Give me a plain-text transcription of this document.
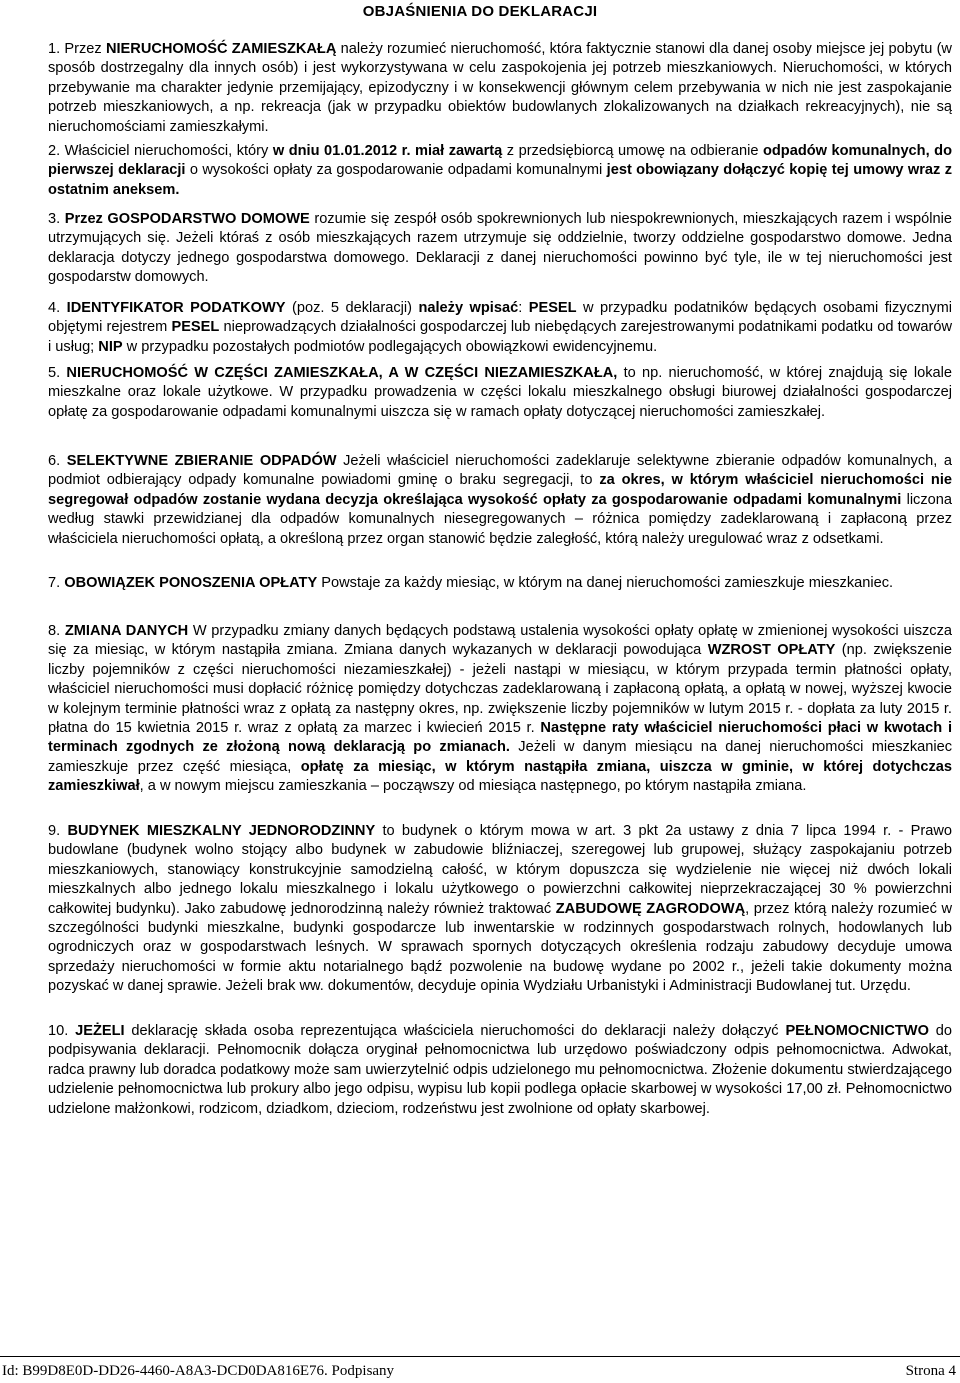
OBJAŚNIENIA DO DEKLARACJI
1. Przez NIERUCHOMOŚĆ ZAMIESZKAŁĄ należy rozumieć nieruchomość, która faktycznie stanowi dla danej osoby miejsce jej pobytu (w sposób dostrzegalny dla innych osób) i jest wykorzystywana w celu zaspokojenia jej potrzeb mieszkaniowych. Nieruchomości, w których przebywanie ma charakter jedynie przemijający, epizodyczny i w konsekwencji głównym celem przebywania w nich nie jest zaspokajanie potrzeb mieszkaniowych, a np. rekreacja (jak w przypadku obiektów budowlanych zlokalizowanych na działkach rekreacyjnych), nie są nieruchomościami zamieszkałymi.
2. Właściciel nieruchomości, który w dniu 01.01.2012 r. miał zawartą z przedsiębiorcą umowę na odbieranie odpadów komunalnych, do pierwszej deklaracji o wysokości opłaty za gospodarowanie odpadami komunalnymi jest obowiązany dołączyć kopię tej umowy wraz z ostatnim aneksem.
3. Przez GOSPODARSTWO DOMOWE rozumie się zespół osób spokrewnionych lub niespokrewnionych, mieszkających razem i wspólnie utrzymujących się. Jeżeli któraś z osób mieszkających razem utrzymuje się oddzielnie, tworzy oddzielne gospodarstwo domowe. Jedna deklaracja dotyczy jednego gospodarstwa domowego. Deklaracji z danej nieruchomości powinno być tyle, ile w tej nieruchomości jest gospodarstw domowych.
4. IDENTYFIKATOR PODATKOWY (poz. 5 deklaracji) należy wpisać: PESEL w przypadku podatników będących osobami fizycznymi objętymi rejestrem PESEL nieprowadzących działalności gospodarczej lub niebędących zarejestrowanymi podatnikami podatku od towarów i usług; NIP w przypadku pozostałych podmiotów podlegających obowiązkowi ewidencyjnemu.
5. NIERUCHOMOŚĆ W CZĘŚCI ZAMIESZKAŁA, A W CZĘŚCI NIEZAMIESZKAŁA, to np. nieruchomość, w której znajdują się lokale mieszkalne oraz lokale użytkowe. W przypadku prowadzenia w części lokalu mieszkalnego obsługi biurowej działalności gospodarczej opłatę za gospodarowanie odpadami komunalnymi uiszcza się w ramach opłaty dotyczącej nieruchomości zamieszkałej.
6. SELEKTYWNE ZBIERANIE ODPADÓW Jeżeli właściciel nieruchomości zadeklaruje selektywne zbieranie odpadów komunalnych, a podmiot odbierający odpady komunalne powiadomi gminę o braku segregacji, to za okres, w którym właściciel nieruchomości nie segregował odpadów zostanie wydana decyzja określająca wysokość opłaty za gospodarowanie odpadami komunalnymi liczona według stawki przewidzianej dla odpadów komunalnych niesegregowanych – różnica pomiędzy zadeklarowaną i zapłaconą przez właściciela nieruchomości opłatą, a określoną przez organ stanowić będzie zaległość, którą należy uregulować wraz z odsetkami.
7. OBOWIĄZEK PONOSZENIA OPŁATY Powstaje za każdy miesiąc, w którym na danej nieruchomości zamieszkuje mieszkaniec.
8. ZMIANA DANYCH W przypadku zmiany danych będących podstawą ustalenia wysokości opłaty opłatę w zmienionej wysokości uiszcza się za miesiąc, w którym nastąpiła zmiana. Zmiana danych wykazanych w deklaracji powodująca WZROST OPŁATY (np. zwiększenie liczby pojemników z części nieruchomości niezamieszkałej) - jeżeli nastąpi w miesiącu, w którym przypada termin płatności opłaty, właściciel nieruchomości musi dopłacić różnicę pomiędzy dotychczas zadeklarowaną i zapłaconą opłatą, a opłatą w nowej, wyższej kwocie w kolejnym terminie płatności wraz z opłatą za następny okres, np. zwiększenie liczby pojemników w lutym 2015 r. - dopłata za luty 2015 r. płatna do 15 kwietnia 2015 r. wraz z opłatą za marzec i kwiecień 2015 r. Następne raty właściciel nieruchomości płaci w kwotach i terminach zgodnych ze złożoną nową deklaracją po zmianach. Jeżeli w danym miesiącu na danej nieruchomości mieszkaniec zamieszkuje przez część miesiąca, opłatę za miesiąc, w którym nastąpiła zmiana, uiszcza w gminie, w której dotychczas zamieszkiwał, a w nowym miejscu zamieszkania – począwszy od miesiąca następnego, po którym nastąpiła zmiana.
9. BUDYNEK MIESZKALNY JEDNORODZINNY to budynek o którym mowa w art. 3 pkt 2a ustawy z dnia 7 lipca 1994 r. - Prawo budowlane (budynek wolno stojący albo budynek w zabudowie bliźniaczej, szeregowej lub grupowej, służący zaspokajaniu potrzeb mieszkaniowych, stanowiący konstrukcyjnie samodzielną całość, w którym dopuszcza się wydzielenie nie więcej niż dwóch lokali mieszkalnych albo jednego lokalu mieszkalnego i lokalu użytkowego o powierzchni całkowitej nieprzekraczającej 30 % powierzchni całkowitej budynku). Jako zabudowę jednorodzinną należy również traktować ZABUDOWĘ ZAGRODOWĄ, przez którą należy rozumieć w szczególności budynki mieszkalne, budynki gospodarcze lub inwentarskie w rodzinnych gospodarstwach rolnych, hodowlanych lub ogrodniczych oraz w gospodarstwach leśnych. W sprawach spornych dotyczących określenia rodzaju zabudowy decyduje umowa sprzedaży nieruchomości w formie aktu notarialnego bądź pozwolenie na budowę wydane po 2002 r., jeżeli takie dokumenty można pozyskać w danej sprawie. Jeżeli brak ww. dokumentów, decyduje opinia Wydziału Urbanistyki i Administracji Budowlanej tut. Urzędu.
10. JEŻELI deklarację składa osoba reprezentująca właściciela nieruchomości do deklaracji należy dołączyć PEŁNOMOCNICTWO do podpisywania deklaracji. Pełnomocnik dołącza oryginał pełnomocnictwa lub urzędowo poświadczony odpis pełnomocnictwa. Adwokat, radca prawny lub doradca podatkowy może sam uwierzytelnić odpis udzielonego mu pełnomocnictwa. Złożenie dokumentu stwierdzającego udzielenie pełnomocnictwa lub prokury albo jego odpisu, wypisu lub kopii podlega opłacie skarbowej w wysokości 17,00 zł. Pełnomocnictwo udzielone małżonkowi, rodzicom, dziadkom, dzieciom, rodzeństwu jest zwolnione od opłaty skarbowej.
Id: B99D8E0D-DD26-4460-A8A3-DCD0DA816E76. Podpisany	Strona 4
